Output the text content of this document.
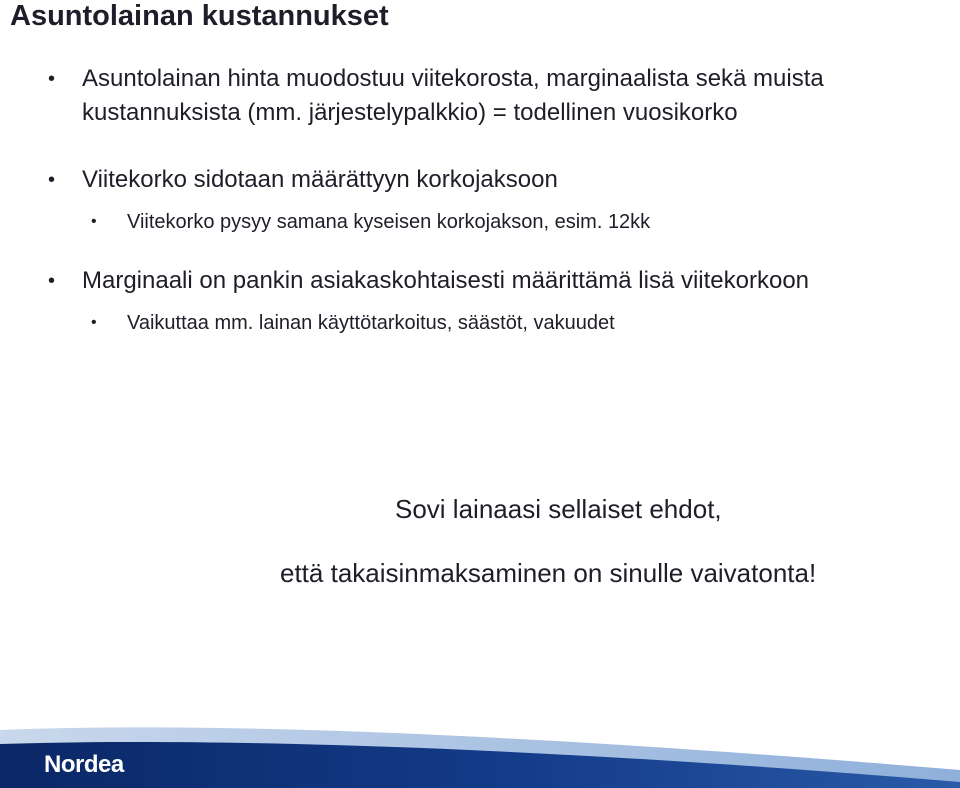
Asuntolainan kustannukset
• Asuntolainan hinta muodostuu viitekorosta, marginaalista sekä muista kustannuksista (mm. järjestelypalkkio) = todellinen vuosikorko
• Viitekorko sidotaan määrättyyn korkojaksoon
• Viitekorko pysyy samana kyseisen korkojakson, esim. 12kk
• Marginaali on pankin asiakaskohtaisesti määrittämä lisä viitekorkoon
• Vaikuttaa mm. lainan käyttötarkoitus, säästöt, vakuudet
Sovi lainaasi sellaiset ehdot,
että takaisinmaksaminen on sinulle vaivatonta!
Nordea
